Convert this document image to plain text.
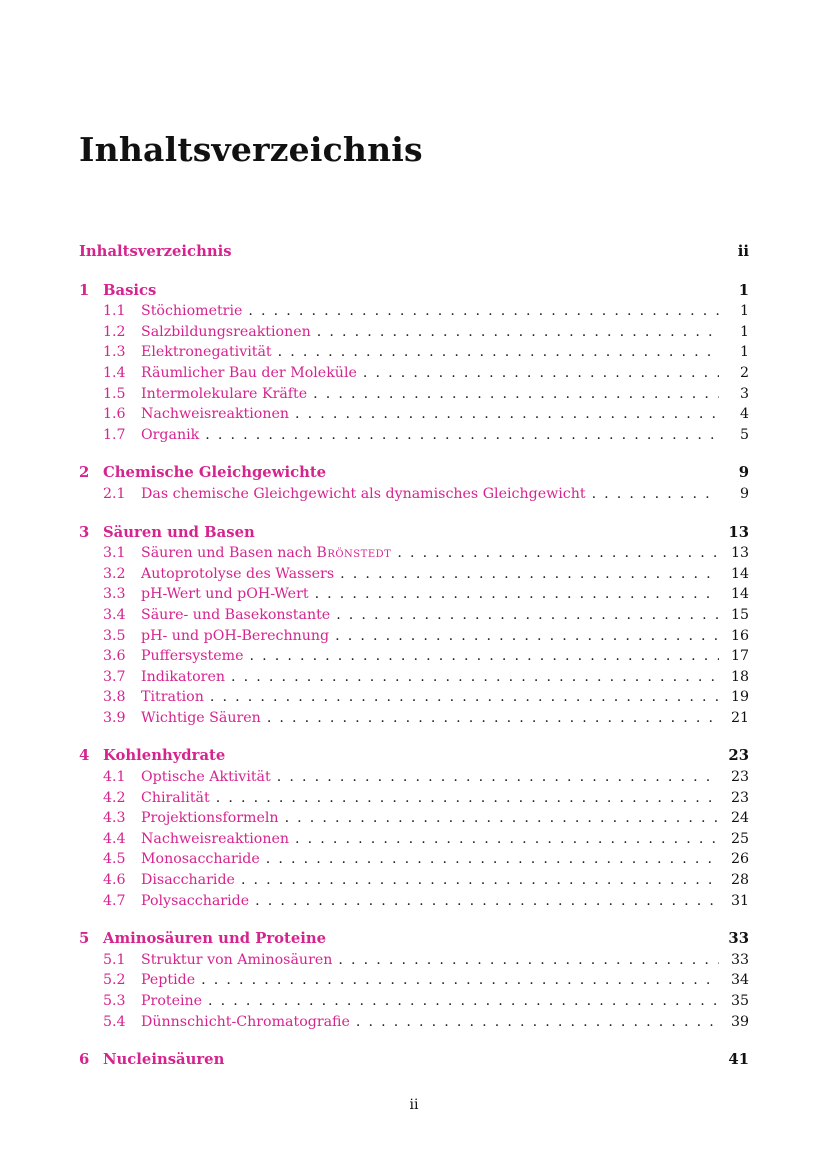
Inhaltsverzeichnis
Inhaltsverzeichnis	ii
1 Basics	1
1.1	Stöchiometrie . . .	1
1.2	Salzbildungsreaktionen . . .	1
1.3	Elektronegativität . . .	1
1.4	Räumlicher Bau der Moleküle . . .	2
1.5	Intermolekulare Kräfte . . .	3
1.6	Nachweisreaktionen . . .	4
1.7	Organik . . .	5
2 Chemische Gleichgewichte	9
2.1	Das chemische Gleichgewicht als dynamisches Gleichgewicht . . .	9
3 Säuren und Basen	13
3.1	Säuren und Basen nach Brönstedt . . .	13
3.2	Autoprotolyse des Wassers . . .	14
3.3	pH-Wert und pOH-Wert . . .	14
3.4	Säure- und Basekonstante . . .	15
3.5	pH- und pOH-Berechnung . . .	16
3.6	Puffersysteme . . .	17
3.7	Indikatoren . . .	18
3.8	Titration . . .	19
3.9	Wichtige Säuren . . .	21
4 Kohlenhydrate	23
4.1	Optische Aktivität . . .	23
4.2	Chiralität . . .	23
4.3	Projektionsformeln . . .	24
4.4	Nachweisreaktionen . . .	25
4.5	Monosaccharide . . .	26
4.6	Disaccharide . . .	28
4.7	Polysaccharide . . .	31
5 Aminosäuren und Proteine	33
5.1	Struktur von Aminosäuren . . .	33
5.2	Peptide . . .	34
5.3	Proteine . . .	35
5.4	Dünnschicht-Chromatografie . . .	39
6 Nucleinsäuren	41
ii
